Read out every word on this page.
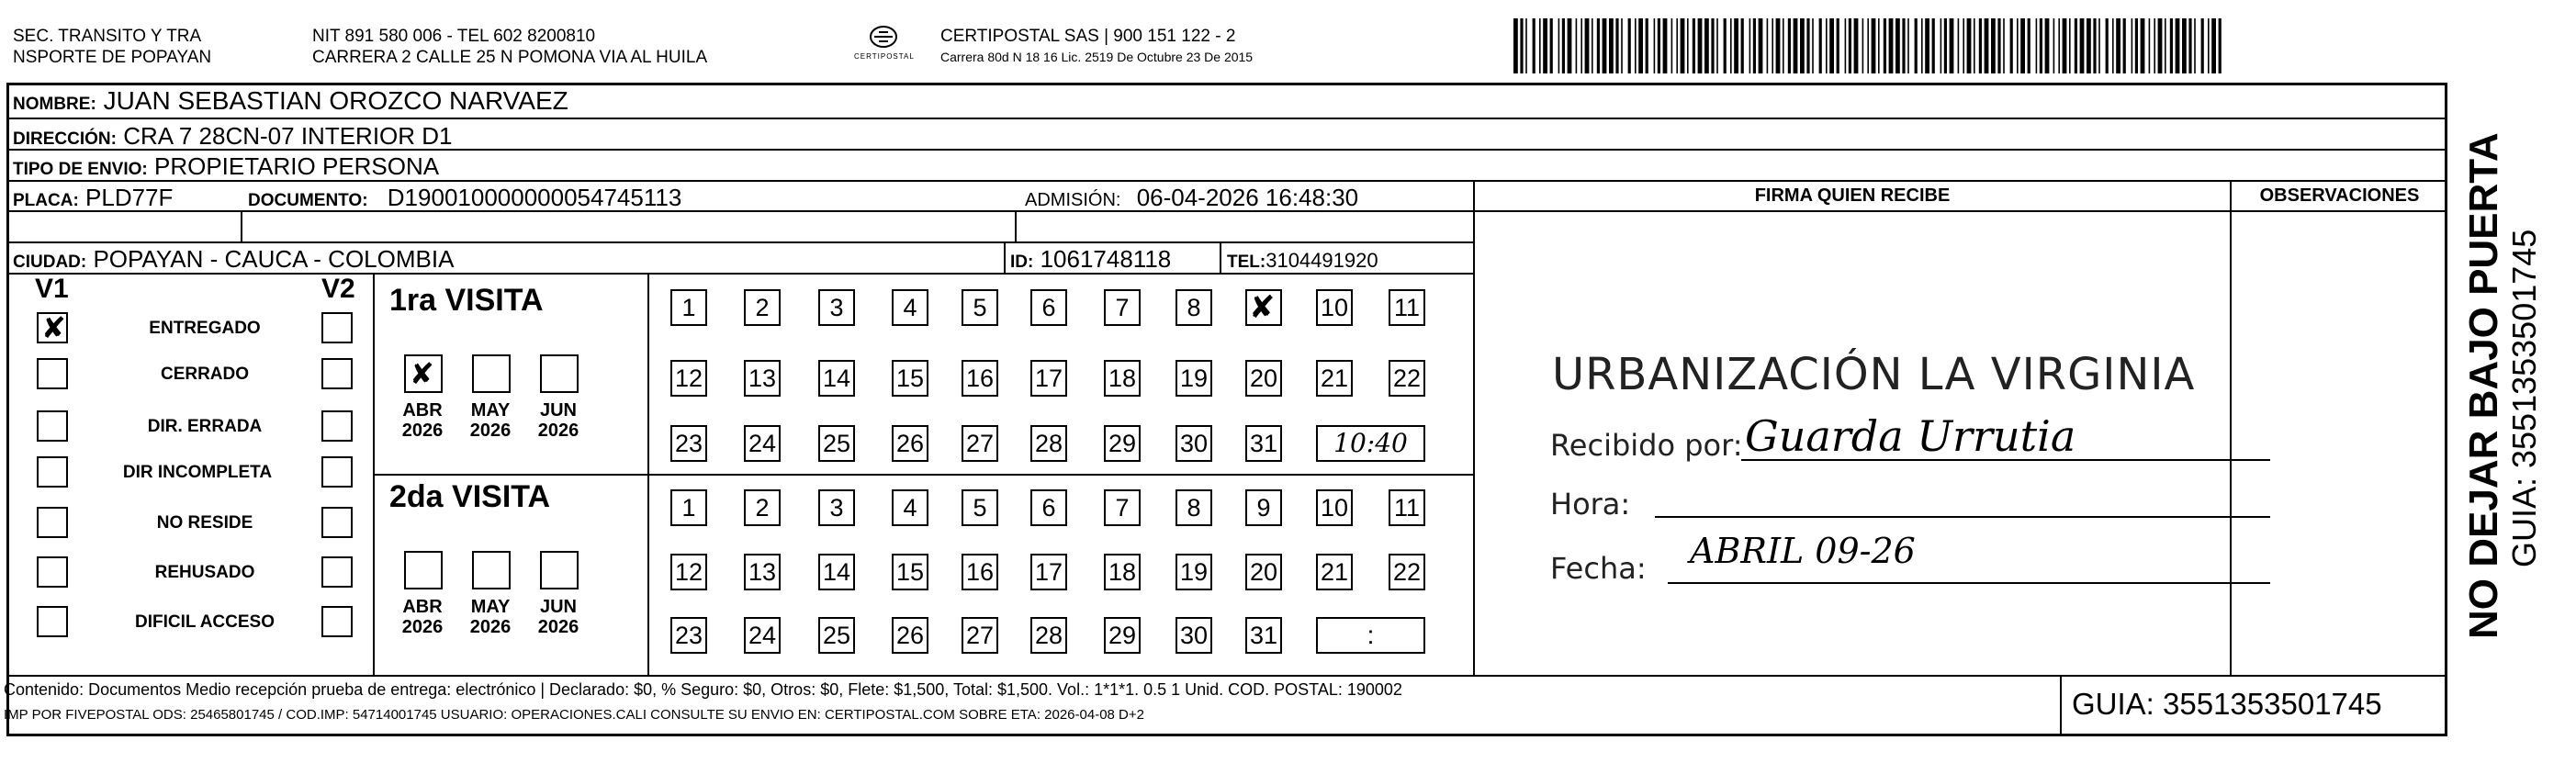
SEC. TRANSITO Y TRA
NSPORTE DE POPAYAN
NIT 891 580 006 - TEL 602 8200810
CARRERA 2 CALLE 25 N POMONA VIA AL HUILA	CERTIPOSTAL
CERTIPOSTAL SAS | 900 151 122 - 2
Carrera 80d N 18 16 Lic. 2519 De Octubre 23 De 2015
NOMBRE: JUAN SEBASTIAN OROZCO NARVAEZ
DIRECCIÓN: CRA 7 28CN-07 INTERIOR D1
TIPO DE ENVIO: PROPIETARIO PERSONA
PLACA: PLD77F	DOCUMENTO: D190010000000054745113	ADMISIÓN: 06-04-2026 16:48:30
CIUDAD: POPAYAN - CAUCA - COLOMBIA	ID: 1061748118	TEL:3104491920
FIRMA QUIEN RECIBE	OBSERVACIONES
V1	V2
✘	ENTREGADO
CERRADO
DIR. ERRADA
DIR INCOMPLETA
NO RESIDE
REHUSADO
DIFICIL ACCESO
1ra VISITA
2da VISITA
✘
ABR
2026
MAY
2026
JUN
2026
ABR
2026
MAY
2026
JUN
2026
1	2	3	4	5	6	7	8
✘	10 11
12 13 14 15 16 17 18 19 20 21 22
23 24 25 26 27 28 29 30 31	10:40
1	2	3	4	5	6	7	8	9	10 11
12 13 14 15 16 17 18 19 20 21 22
23 24 25 26 27 28 29 30 31	:
URBANIZACIÓN LA VIRGINIA
Recibido por: Guarda Urrutia
Hora:
Fecha: ABRIL 09-26
Contenido: Documentos Medio recepción prueba de entrega: electrónico | Declarado: $0, % Seguro: $0, Otros: $0, Flete: $1,500, Total: $1,500. Vol.: 1*1*1. 0.5 1 Unid. COD. POSTAL: 190002
IMP POR FIVEPOSTAL ODS: 25465801745 / COD.IMP: 54714001745 USUARIO: OPERACIONES.CALI CONSULTE SU ENVIO EN: CERTIPOSTAL.COM SOBRE ETA: 2026-04-08 D+2	GUIA: 3551353501745
NO DEJAR BAJO PUERTA GUIA: 3551353501745
